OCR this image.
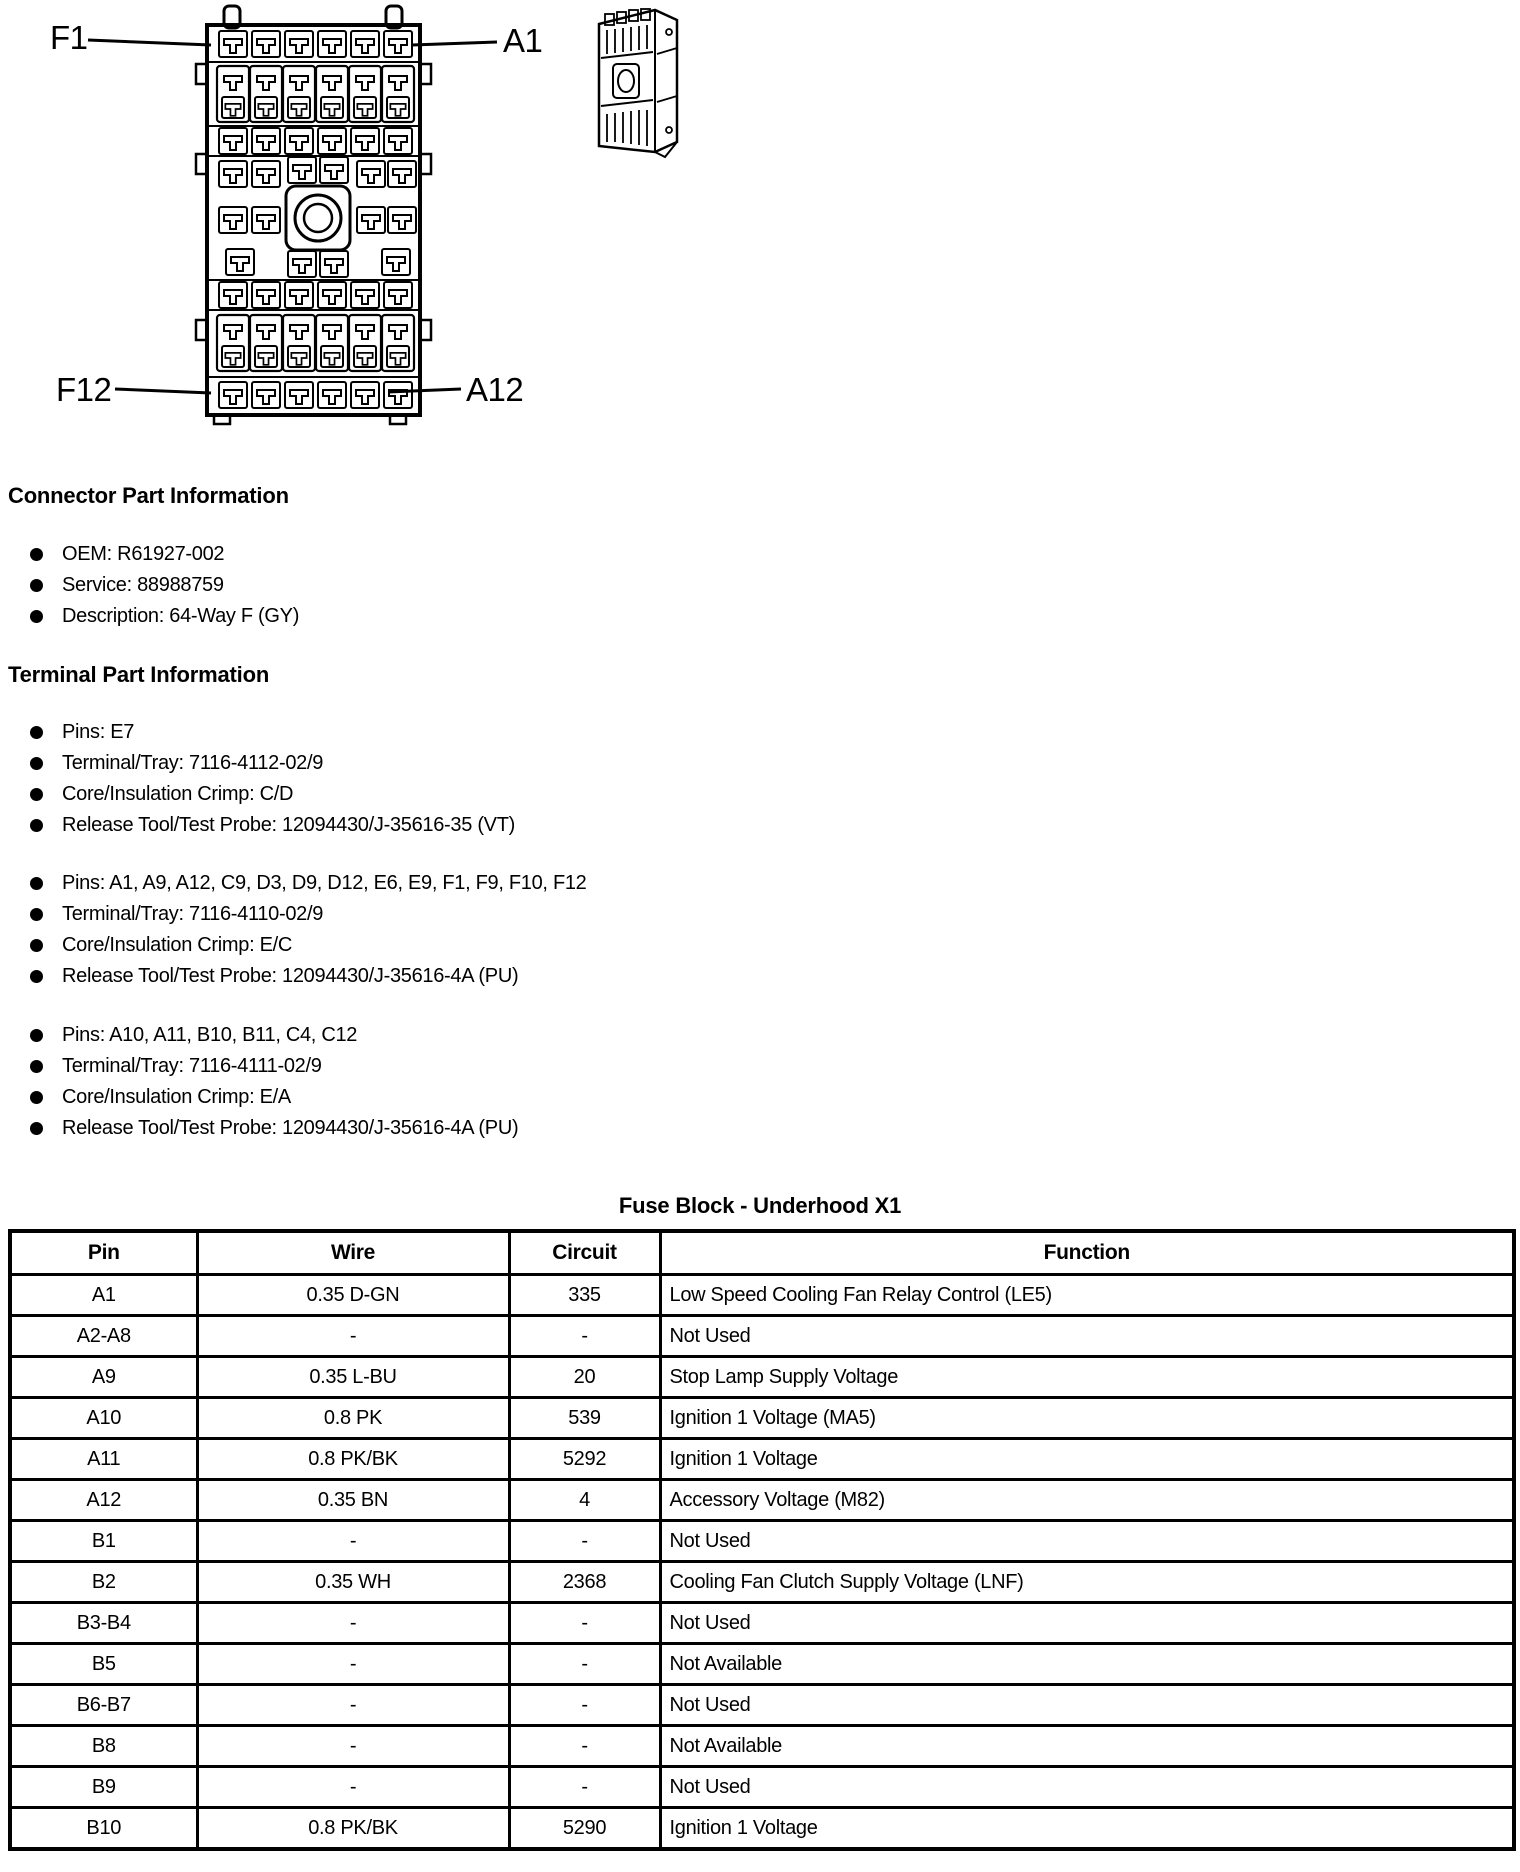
F1	A1
F12	A12
Connector Part Information
OEM: R61927-002
Service: 88988759
Description: 64-Way F (GY)
Terminal Part Information
Pins: E7
Terminal/Tray: 7116-4112-02/9
Core/Insulation Crimp: C/D
Release Tool/Test Probe: 12094430/J-35616-35 (VT)
Pins: A1, A9, A12, C9, D3, D9, D12, E6, E9, F1, F9, F10, F12
Terminal/Tray: 7116-4110-02/9
Core/Insulation Crimp: E/C
Release Tool/Test Probe: 12094430/J-35616-4A (PU)
Pins: A10, A11, B10, B11, C4, C12
Terminal/Tray: 7116-4111-02/9
Core/Insulation Crimp: E/A
Release Tool/Test Probe: 12094430/J-35616-4A (PU)
Fuse Block - Underhood X1
Pin	Wire	Circuit	Function
A1	0.35 D-GN	335	Low Speed Cooling Fan Relay Control (LE5)
A2-A8	-	-	Not Used
A9	0.35 L-BU	20	Stop Lamp Supply Voltage
A10	0.8 PK	539	Ignition 1 Voltage (MA5)
A11	0.8 PK/BK	5292	Ignition 1 Voltage
A12	0.35 BN	4	Accessory Voltage (M82)
B1	-	-	Not Used
B2	0.35 WH	2368	Cooling Fan Clutch Supply Voltage (LNF)
B3-B4	-	-	Not Used
B5	-	-	Not Available
B6-B7	-	-	Not Used
B8	-	-	Not Available
B9	-	-	Not Used
B10	0.8 PK/BK	5290	Ignition 1 Voltage
